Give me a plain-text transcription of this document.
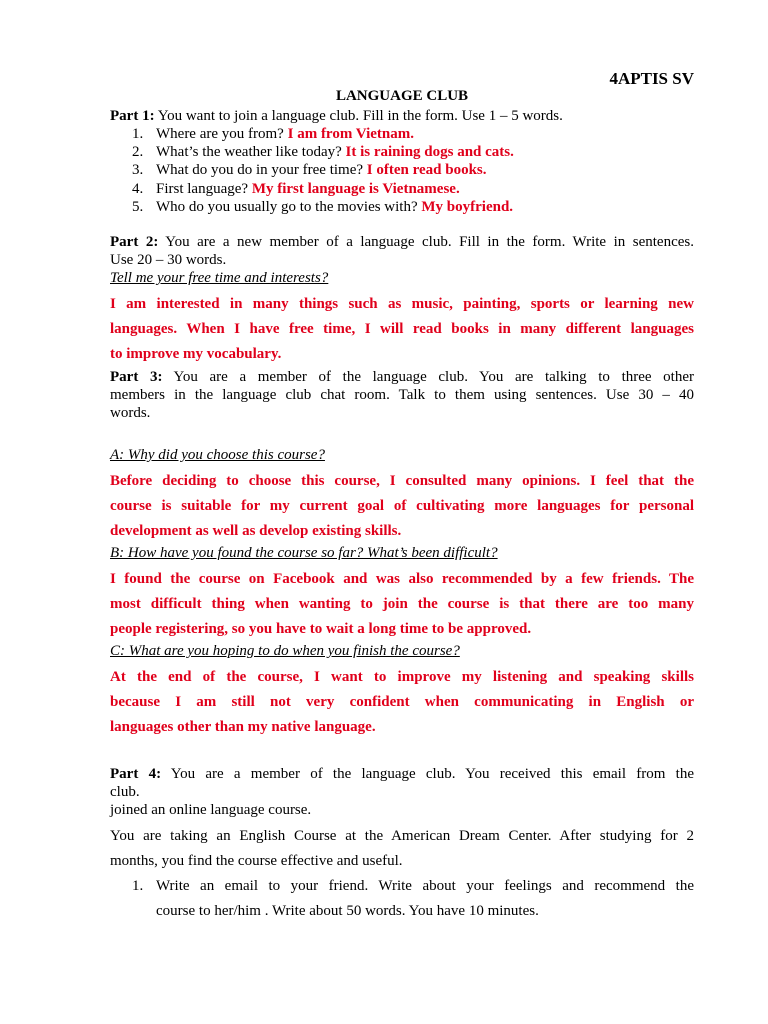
4APTIS SV
LANGUAGE CLUB
Part 1: You want to join a language club. Fill in the form. Use 1 – 5 words.
1. Where are you from? I am from Vietnam.
2. What’s the weather like today? It is raining dogs and cats.
3. What do you do in your free time? I often read books.
4. First language? My first language is Vietnamese.
5. Who do you usually go to the movies with? My boyfriend.
Part 2: You are a new member of a language club. Fill in the form. Write in sentences.
Use 20 – 30 words.
Tell me your free time and interests?
I am interested in many things such as music, painting, sports or learning new
languages. When I have free time, I will read books in many different languages
to improve my vocabulary.
Part 3: You are a member of the language club. You are talking to three other
members in the language club chat room. Talk to them using sentences. Use 30 – 40
words.
A: Why did you choose this course?
Before deciding to choose this course, I consulted many opinions. I feel that the
course is suitable for my current goal of cultivating more languages for personal
development as well as develop existing skills.
B: How have you found the course so far? What’s been difficult?
I found the course on Facebook and was also recommended by a few friends. The
most difficult thing when wanting to join the course is that there are too many
people registering, so you have to wait a long time to be approved.
C: What are you hoping to do when you finish the course?
At the end of the course, I want to improve my listening and speaking skills
because I am still not very confident when communicating in English or
languages other than my native language.
Part 4: You are a member of the language club. You received this email from the
club.
joined an online language course.
You are taking an English Course at the American Dream Center. After studying for 2
months, you find the course effective and useful.
1. Write an email to your friend. Write about your feelings and recommend the
course to her/him . Write about 50 words. You have 10 minutes.
